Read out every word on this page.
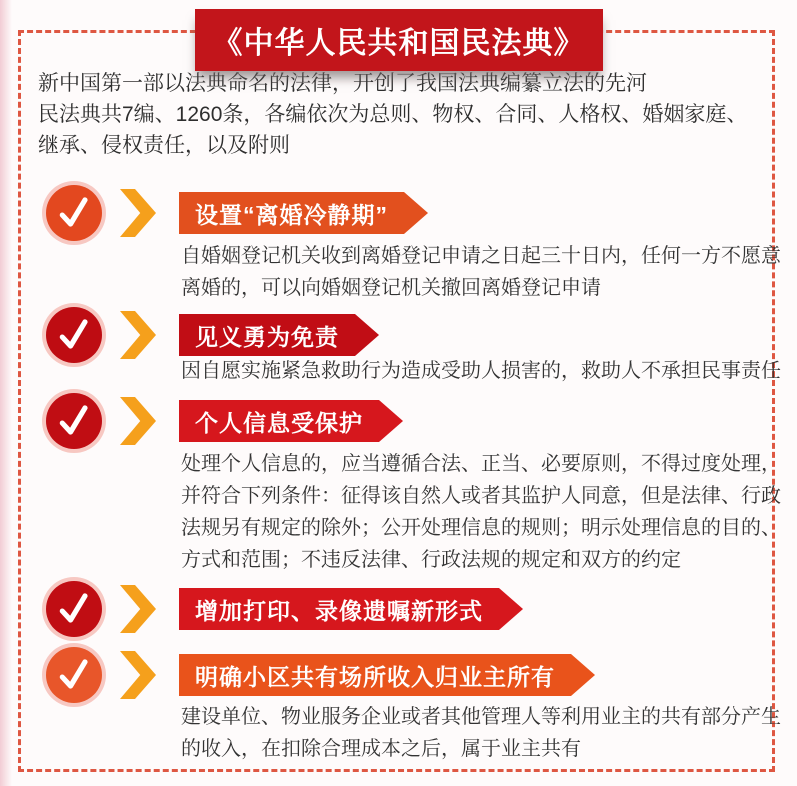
《中华人民共和国民法典》

新中国第一部以法典命名的法律，开创了我国法典编纂立法的先河

民法典共7编、1260条，各编依次为总则、物权、合同、人格权、婚姻家庭、继承、侵权责任，以及附则

设置“离婚冷静期”

自婚姻登记机关收到离婚登记申请之日起三十日内，任何一方不愿意离婚的，可以向婚姻登记机关撤回离婚登记申请

见义勇为免责

因自愿实施紧急救助行为造成受助人损害的，救助人不承担民事责任

个人信息受保护

处理个人信息的，应当遵循合法、正当、必要原则，不得过度处理，并符合下列条件：征得该自然人或者其监护人同意，但是法律、行政法规另有规定的除外；公开处理信息的规则；明示处理信息的目的、方式和范围；不违反法律、行政法规的规定和双方的约定

增加打印、录像遗嘱新形式
明确小区共有场所收入归业主所有

建设单位、物业服务企业或者其他管理人等利用业主的共有部分产生的收入，在扣除合理成本之后，属于业主共有
